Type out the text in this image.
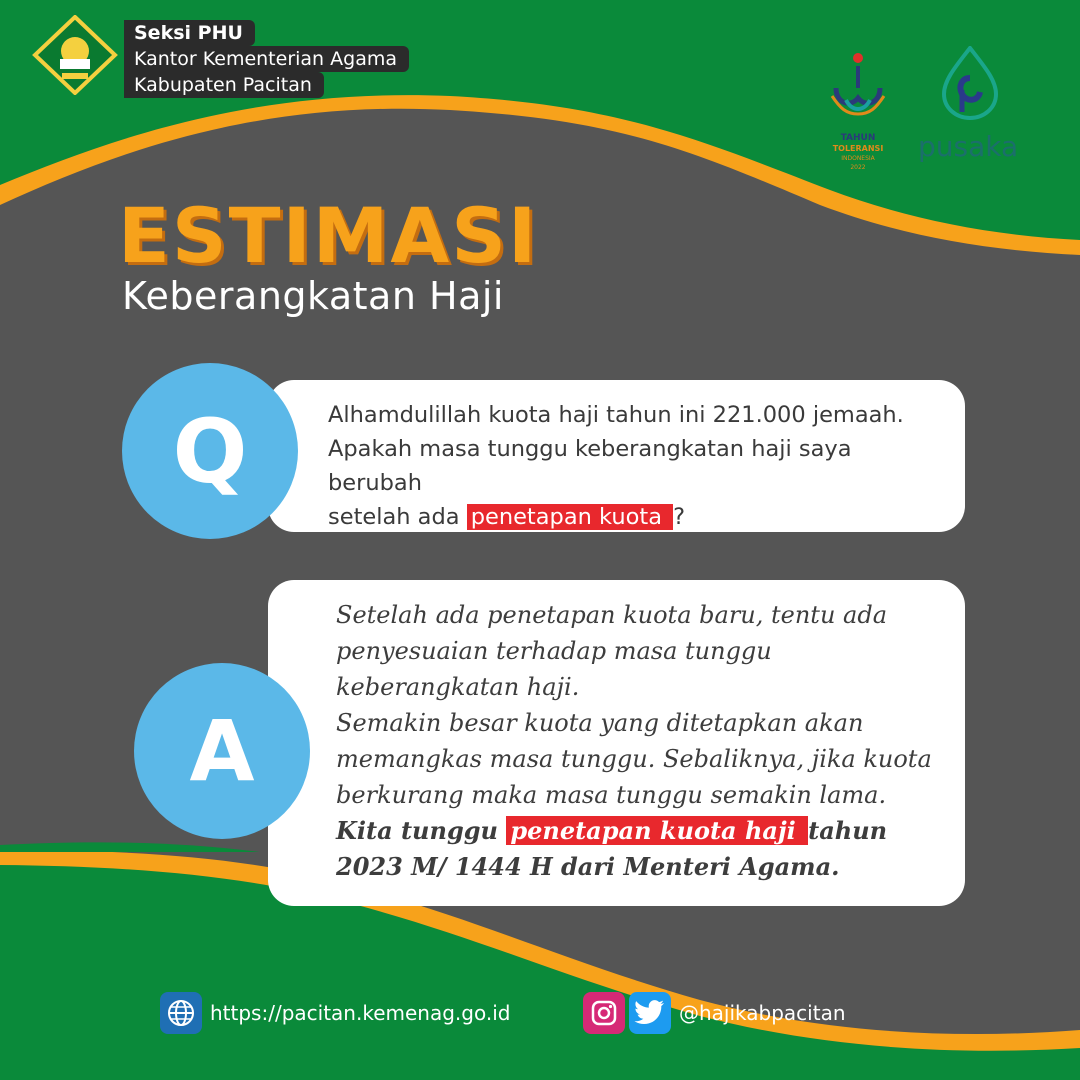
Seksi PHU
Kantor Kementerian Agama
Kabupaten Pacitan
TAHUN
TOLERANSI
INDONESIA
2022
pusaka
ESTIMASI
Keberangkatan Haji
Q	Alhamdulillah kuota haji tahun ini 221.000 jemaah.
Apakah masa tunggu keberangkatan haji saya berubah
setelah ada penetapan kuota ?
A
Setelah ada penetapan kuota baru, tentu ada penyesuaian terhadap masa tunggu keberangkatan haji.
Semakin besar kuota yang ditetapkan akan memangkas masa tunggu. Sebaliknya, jika kuota berkurang maka masa tunggu semakin lama.
Kita tunggu penetapan kuota haji tahun 2023 M/ 1444 H dari Menteri Agama.
https://pacitan.kemenag.go.id	@hajikabpacitan
